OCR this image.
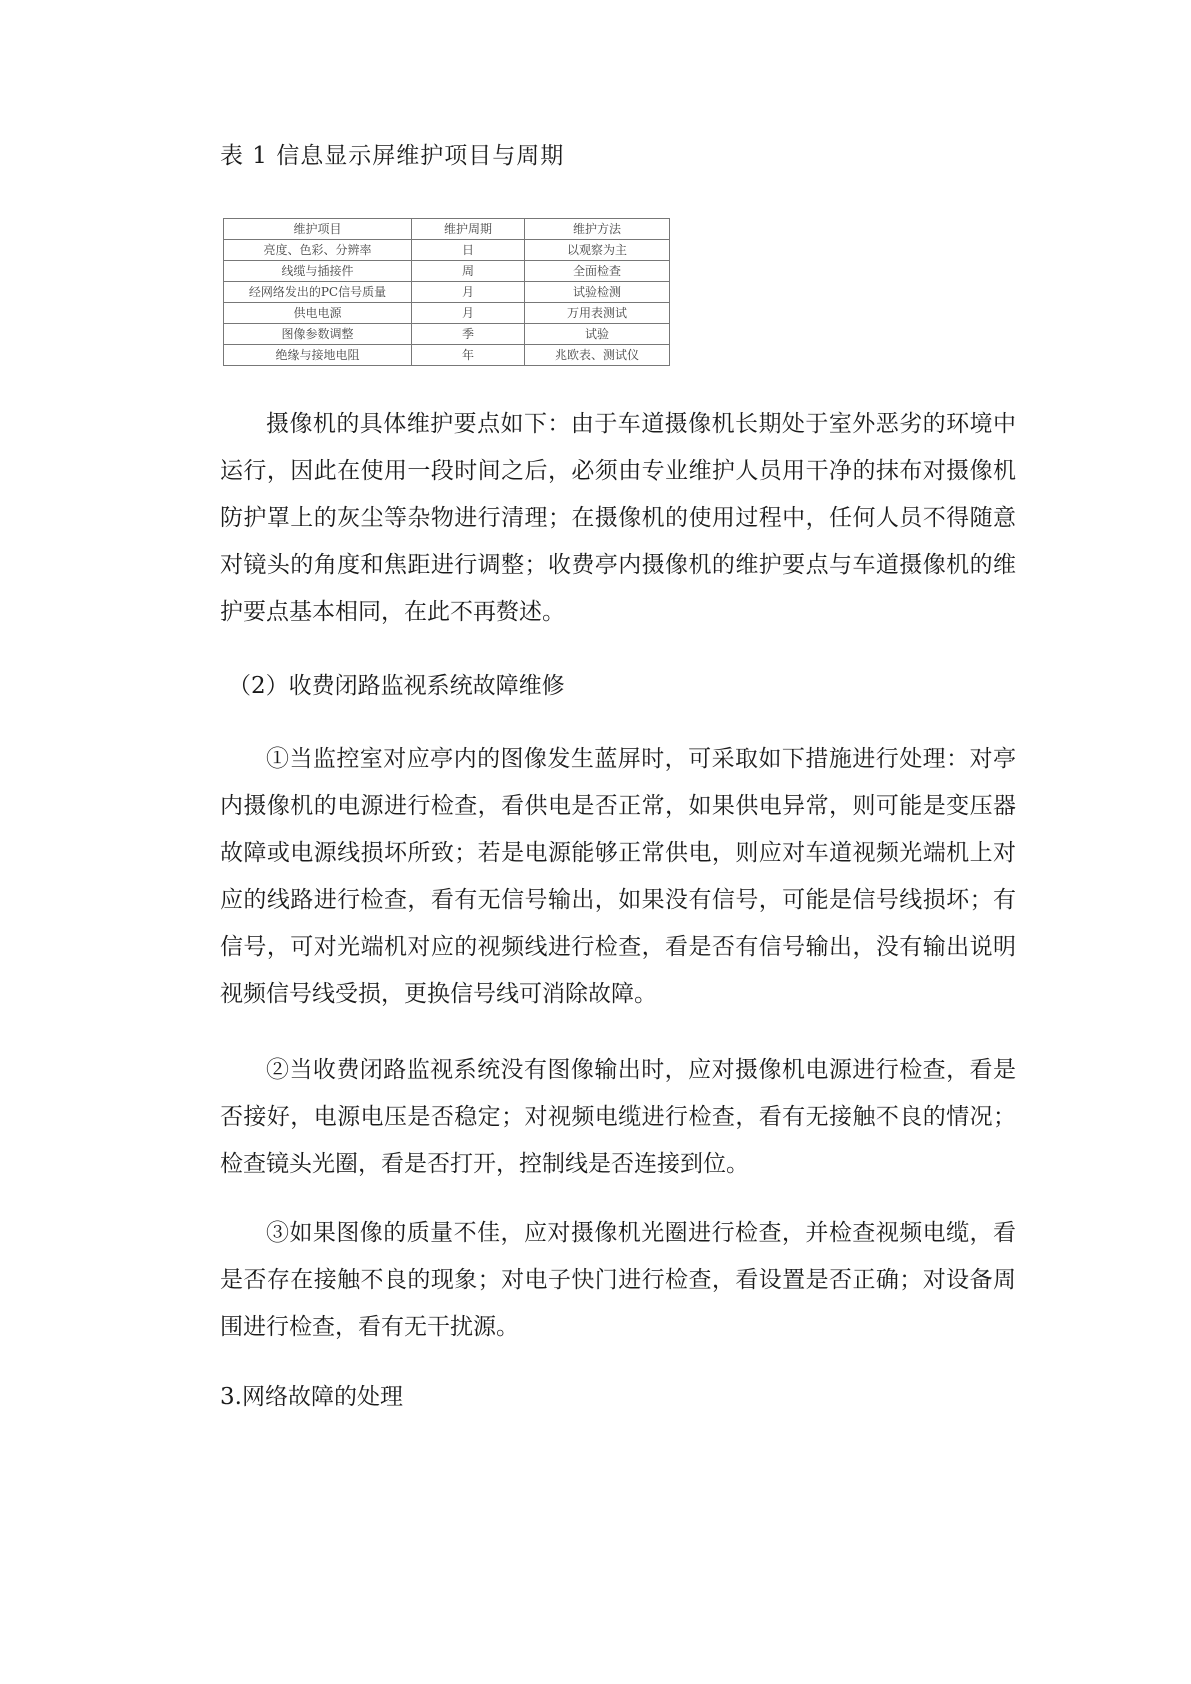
表 1 信息显示屏维护项目与周期
维护项目	维护周期	维护方法
亮度、色彩、分辨率	日	以观察为主
线缆与插接件	周	全面检查
经网络发出的PC信号质量	月	试验检测
供电电源	月	万用表测试
图像参数调整	季	试验
绝缘与接地电阻	年	兆欧表、测试仪

摄像机的具体维护要点如下：由于车道摄像机长期处于室外恶劣的环境中运行，因此在使用一段时间之后，必须由专业维护人员用干净的抹布对摄像机防护罩上的灰尘等杂物进行清理；在摄像机的使用过程中，任何人员不得随意对镜头的角度和焦距进行调整；收费亭内摄像机的维护要点与车道摄像机的维护要点基本相同，在此不再赘述。

（2）收费闭路监视系统故障维修

①当监控室对应亭内的图像发生蓝屏时，可采取如下措施进行处理：对亭内摄像机的电源进行检查，看供电是否正常，如果供电异常，则可能是变压器故障或电源线损坏所致；若是电源能够正常供电，则应对车道视频光端机上对应的线路进行检查，看有无信号输出，如果没有信号，可能是信号线损坏；有信号，可对光端机对应的视频线进行检查，看是否有信号输出，没有输出说明视频信号线受损，更换信号线可消除故障。

②当收费闭路监视系统没有图像输出时，应对摄像机电源进行检查，看是否接好，电源电压是否稳定；对视频电缆进行检查，看有无接触不良的情况；检查镜头光圈，看是否打开，控制线是否连接到位。

③如果图像的质量不佳，应对摄像机光圈进行检查，并检查视频电缆，看是否存在接触不良的现象；对电子快门进行检查，看设置是否正确；对设备周围进行检查，看有无干扰源。

3.网络故障的处理
